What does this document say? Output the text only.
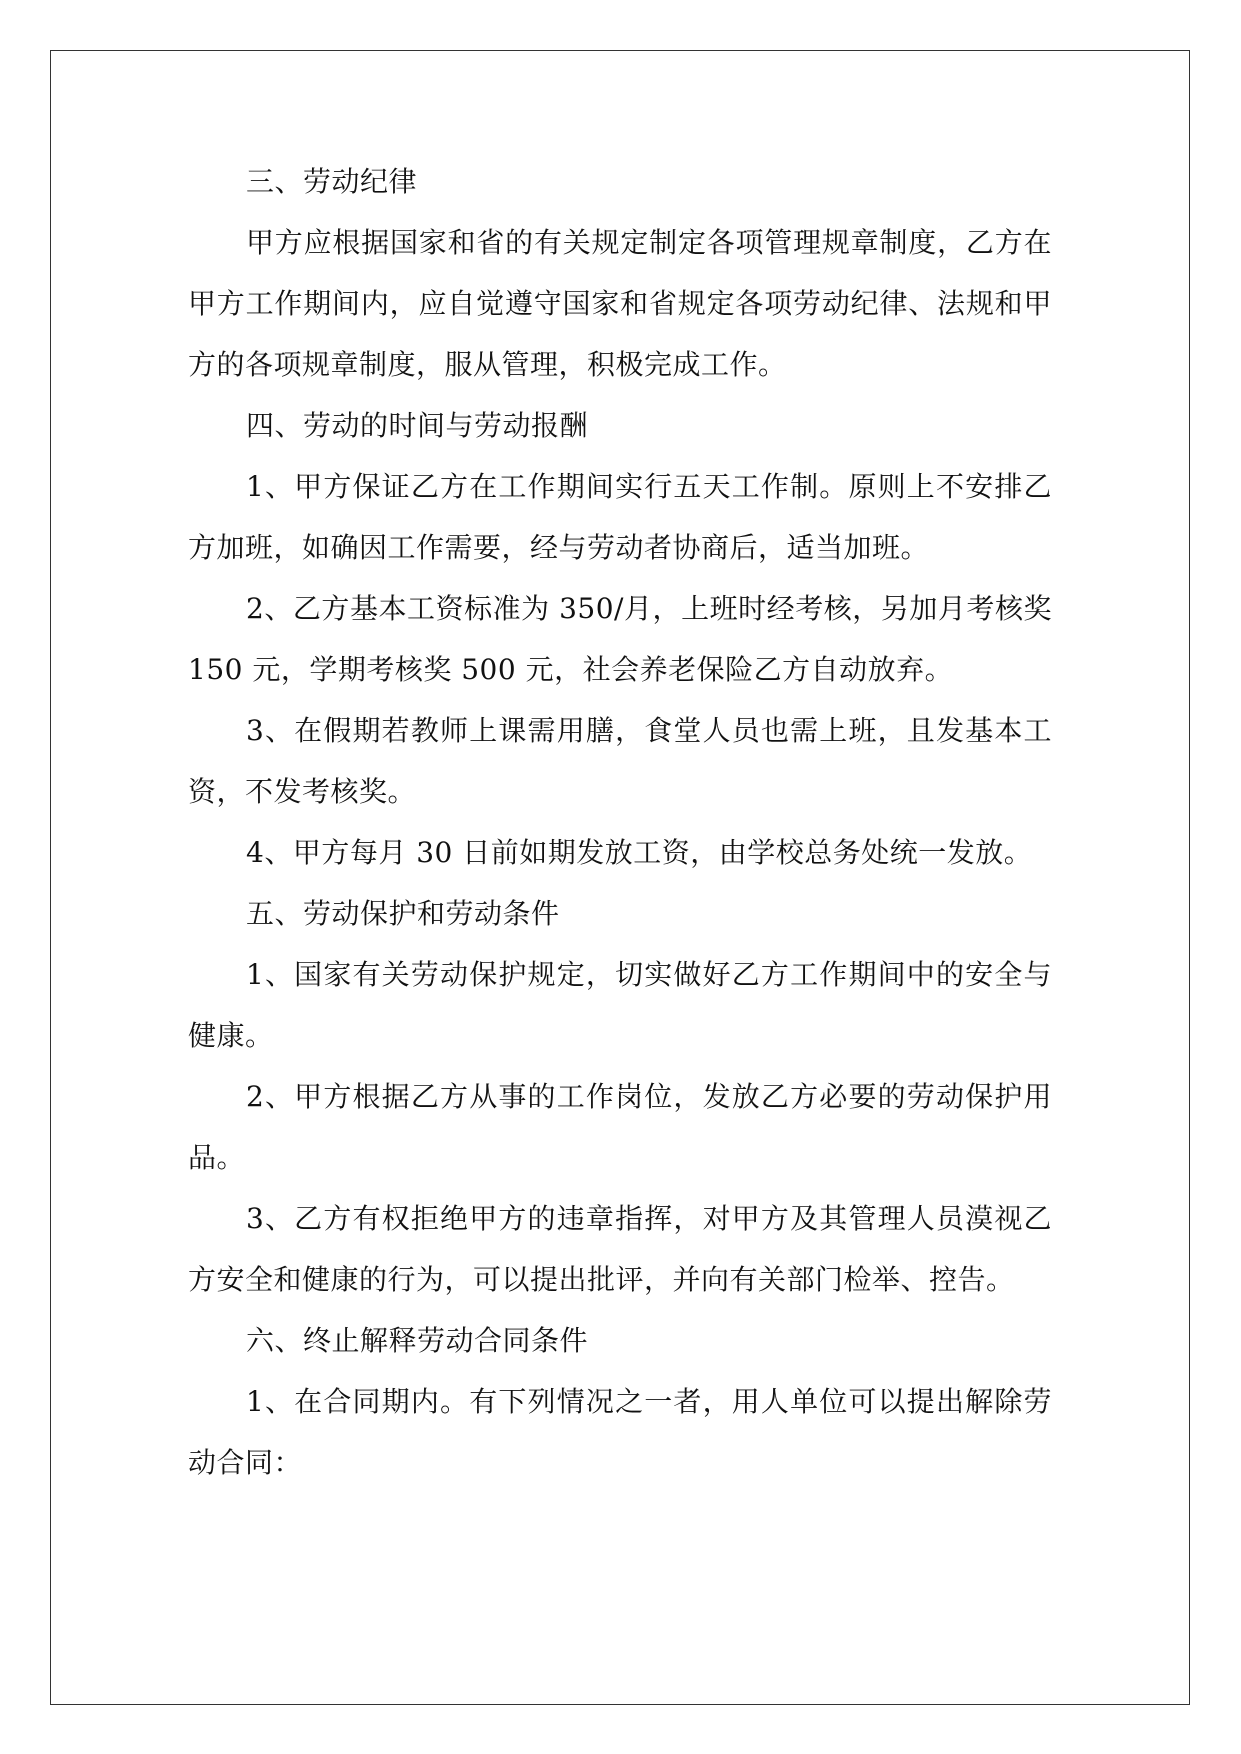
三、劳动纪律

甲方应根据国家和省的有关规定制定各项管理规章制度，乙方在甲方工作期间内，应自觉遵守国家和省规定各项劳动纪律、法规和甲方的各项规章制度，服从管理，积极完成工作。

四、劳动的时间与劳动报酬

1、甲方保证乙方在工作期间实行五天工作制。原则上不安排乙方加班，如确因工作需要，经与劳动者协商后，适当加班。

2、乙方基本工资标准为 350/月，上班时经考核，另加月考核奖 150 元，学期考核奖 500 元，社会养老保险乙方自动放弃。

3、在假期若教师上课需用膳，食堂人员也需上班，且发基本工资，不发考核奖。

4、甲方每月 30 日前如期发放工资，由学校总务处统一发放。

五、劳动保护和劳动条件

1、国家有关劳动保护规定，切实做好乙方工作期间中的安全与健康。

2、甲方根据乙方从事的工作岗位，发放乙方必要的劳动保护用品。

3、乙方有权拒绝甲方的违章指挥，对甲方及其管理人员漠视乙方安全和健康的行为，可以提出批评，并向有关部门检举、控告。

六、终止解释劳动合同条件

1、在合同期内。有下列情况之一者，用人单位可以提出解除劳动合同：
